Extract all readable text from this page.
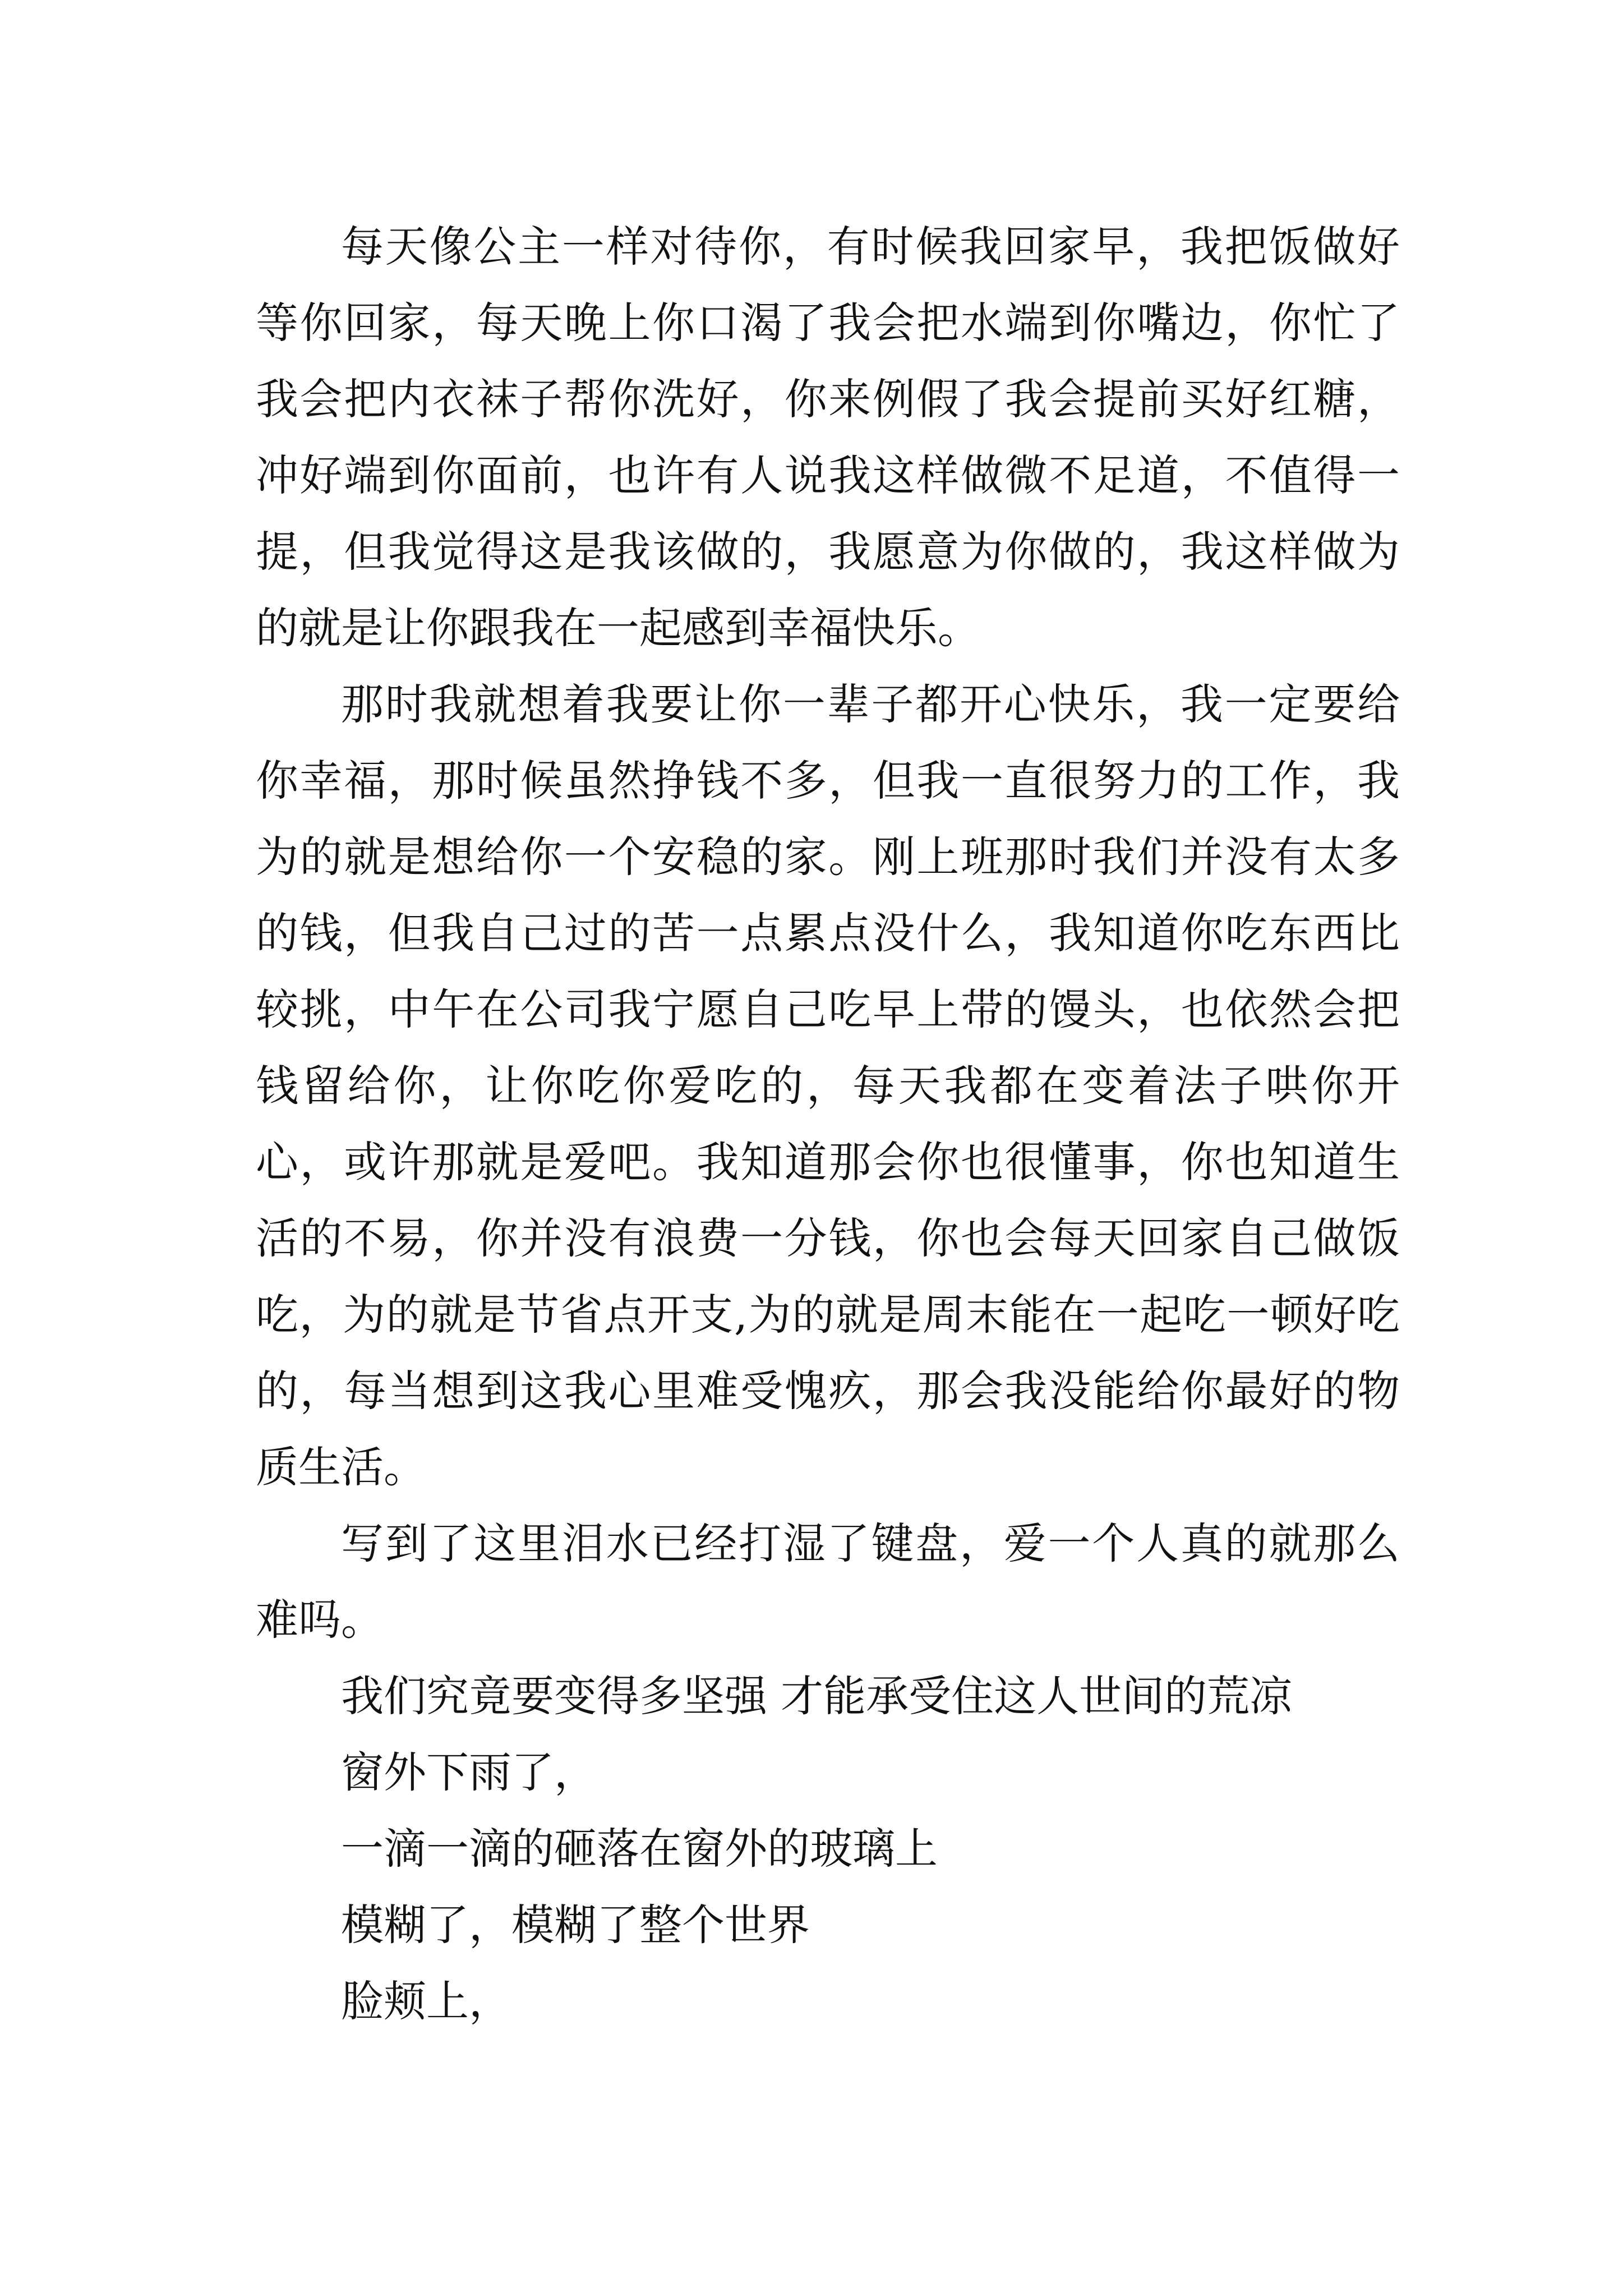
每天像公主一样对待你，有时候我回家早，我把饭做好等你回家，每天晚上你口渴了我会把水端到你嘴边，你忙了我会把内衣袜子帮你洗好，你来例假了我会提前买好红糖，冲好端到你面前，也许有人说我这样做微不足道，不值得一提，但我觉得这是我该做的，我愿意为你做的，我这样做为的就是让你跟我在一起感到幸福快乐。

那时我就想着我要让你一辈子都开心快乐，我一定要给你幸福，那时候虽然挣钱不多，但我一直很努力的工作，我为的就是想给你一个安稳的家。刚上班那时我们并没有太多的钱，但我自己过的苦一点累点没什么，我知道你吃东西比较挑，中午在公司我宁愿自己吃早上带的馒头，也依然会把钱留给你，让你吃你爱吃的，每天我都在变着法子哄你开心，或许那就是爱吧。我知道那会你也很懂事，你也知道生活的不易，你并没有浪费一分钱，你也会每天回家自己做饭吃，为的就是节省点开支,为的就是周末能在一起吃一顿好吃的，每当想到这我心里难受愧疚，那会我没能给你最好的物质生活。

写到了这里泪水已经打湿了键盘，爱一个人真的就那么难吗。

我们究竟要变得多坚强 才能承受住这人世间的荒凉
窗外下雨了，
一滴一滴的砸落在窗外的玻璃上
模糊了，模糊了整个世界
脸颊上，
